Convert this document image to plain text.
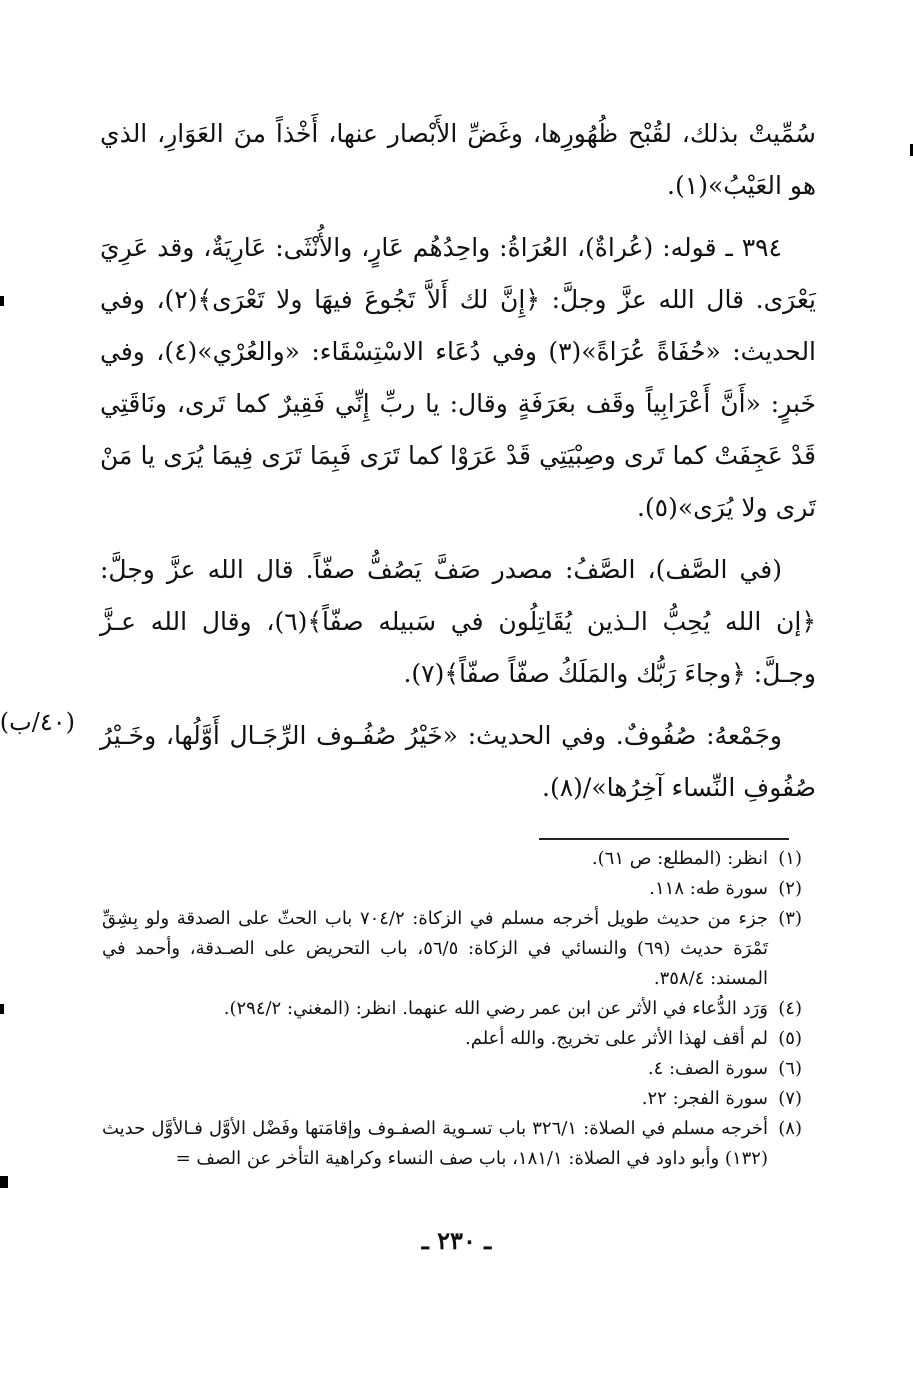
سُمِّيتْ بذلك، لقُبْح ظُهُورِها، وغَضِّ الأَبْصار عنها، أَخْذاً منَ العَوَارِ، الذي هو العَيْبُ»(١).

٣٩٤ ـ قوله: (عُراةٌ)، العُرَاةُ: واحِدُهُم عَارٍ، والأُنْثَى: عَارِيَةٌ، وقد عَرِيَ يَعْرَى. قال الله عزَّ وجلَّ: ﴿إِنَّ لك أَلاَّ تَجُوعَ فيهَا ولا تَعْرَى﴾(٢)، وفي الحديث: «حُفَاةً عُرَاةً»(٣) وفي دُعَاء الاسْتِسْقَاء: «والعُرْي»(٤)، وفي خَبرٍ: «أَنَّ أَعْرَابِياً وقَف بعَرَفَةٍ وقال: يا ربِّ إِنِّي فَقِيرٌ كما تَرى، ونَاقَتِي قَدْ عَجِفَتْ كما تَرى وصِبْيَتِي قَدْ عَرَوْا كما تَرَى فَبِمَا تَرَى فِيمَا يُرَى يا مَنْ تَرى ولا يُرَى»(٥).

(في الصَّف)، الصَّفُ: مصدر صَفَّ يَصُفُّ صفّاً. قال الله عزَّ وجلَّ: ﴿إن الله يُحِبُّ الـذين يُقَاتِلُون في سَبيله صفّاً﴾(٦)، وقال الله عـزَّ وجـلَّ: ﴿وجاءَ رَبُّك والمَلَكُ صفّاً صفّاً﴾(٧).

وجَمْعهُ: صُفُوفٌ. وفي الحديث: «خَيْرُ صُفُـوف الرِّجَـال أَوَّلُها، وخَـيْرُ صُفُوفِ النِّساء آخِرُها»/(٨).

(٤٠/ب)
(١)
انظر: (المطلع: ص ٦١).
(٢)
سورة طه: ١١٨.
(٣)
جزء من حديث طويل أخرجه مسلم في الزكاة: ٧٠٤/٢ باب الحثّ على الصدقة ولو بِشِقِّ تَمْرَة حديث (٦٩) والنسائي في الزكاة: ٥٦/٥، باب التحريض على الصـدقة، وأحمد في المسند: ٣٥٨/٤.
(٤)
وَرَد الدُّعاء في الأثر عن ابن عمر رضي الله عنهما. انظر: (المغني: ٢٩٤/٢).
(٥)
لم أقف لهذا الأثر على تخريج. والله أعلم.
(٦)
سورة الصف: ٤.
(٧)
سورة الفجر: ٢٢.
(٨)
أخرجه مسلم في الصلاة: ٣٢٦/١ باب تسـوية الصفـوف وإقامَتها وفَضْل الأوَّل فـالأوَّل حديث (١٣٢) وأبو داود في الصلاة: ١٨١/١، باب صف النساء وكراهية التأخر عن الصف =
ـ ٢٣٠ ـ
